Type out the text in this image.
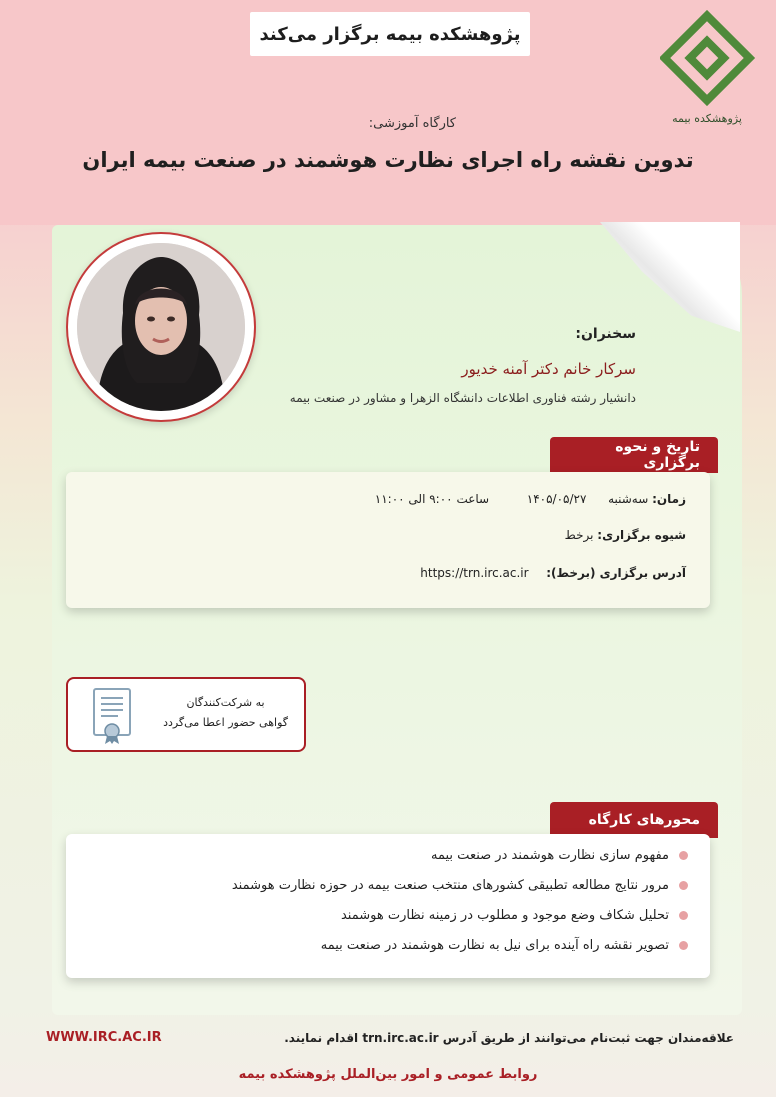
پژوهشکده بیمه برگزار می‌کند
پژوهشکده بیمه
کارگاه آموزشی:
تدوین نقشه راه اجرای نظارت هوشمند در صنعت بیمه ایران
سخنران:
سرکار خانم دکتر آمنه خدیور
دانشیار رشته فناوری اطلاعات دانشگاه الزهرا و مشاور در صنعت بیمه
تاریخ و نحوه برگزاری
زمان: سه‌شنبه  ۱۴۰۵/۰۵/۲۷  ساعت ۹:۰۰ الی ۱۱:۰۰
شیوه برگزاری: برخط
آدرس برگزاری (برخط):  https://trn.irc.ac.ir
به شرکت‌کنندگان
گواهی حضور اعطا می‌گردد
محورهای کارگاه
مفهوم سازی نظارت هوشمند در صنعت بیمه
مرور نتایج مطالعه تطبیقی کشورهای منتخب صنعت بیمه در حوزه نظارت هوشمند
تحلیل شکاف وضع موجود و مطلوب در زمینه نظارت هوشمند
تصویر نقشه راه آینده برای نیل به نظارت هوشمند در صنعت بیمه
WWW.IRC.AC.IR	علاقه‌مندان جهت ثبت‌نام می‌توانند از طریق آدرس trn.irc.ac.ir اقدام نمایند.
روابط عمومی و امور بین‌الملل پژوهشکده بیمه
